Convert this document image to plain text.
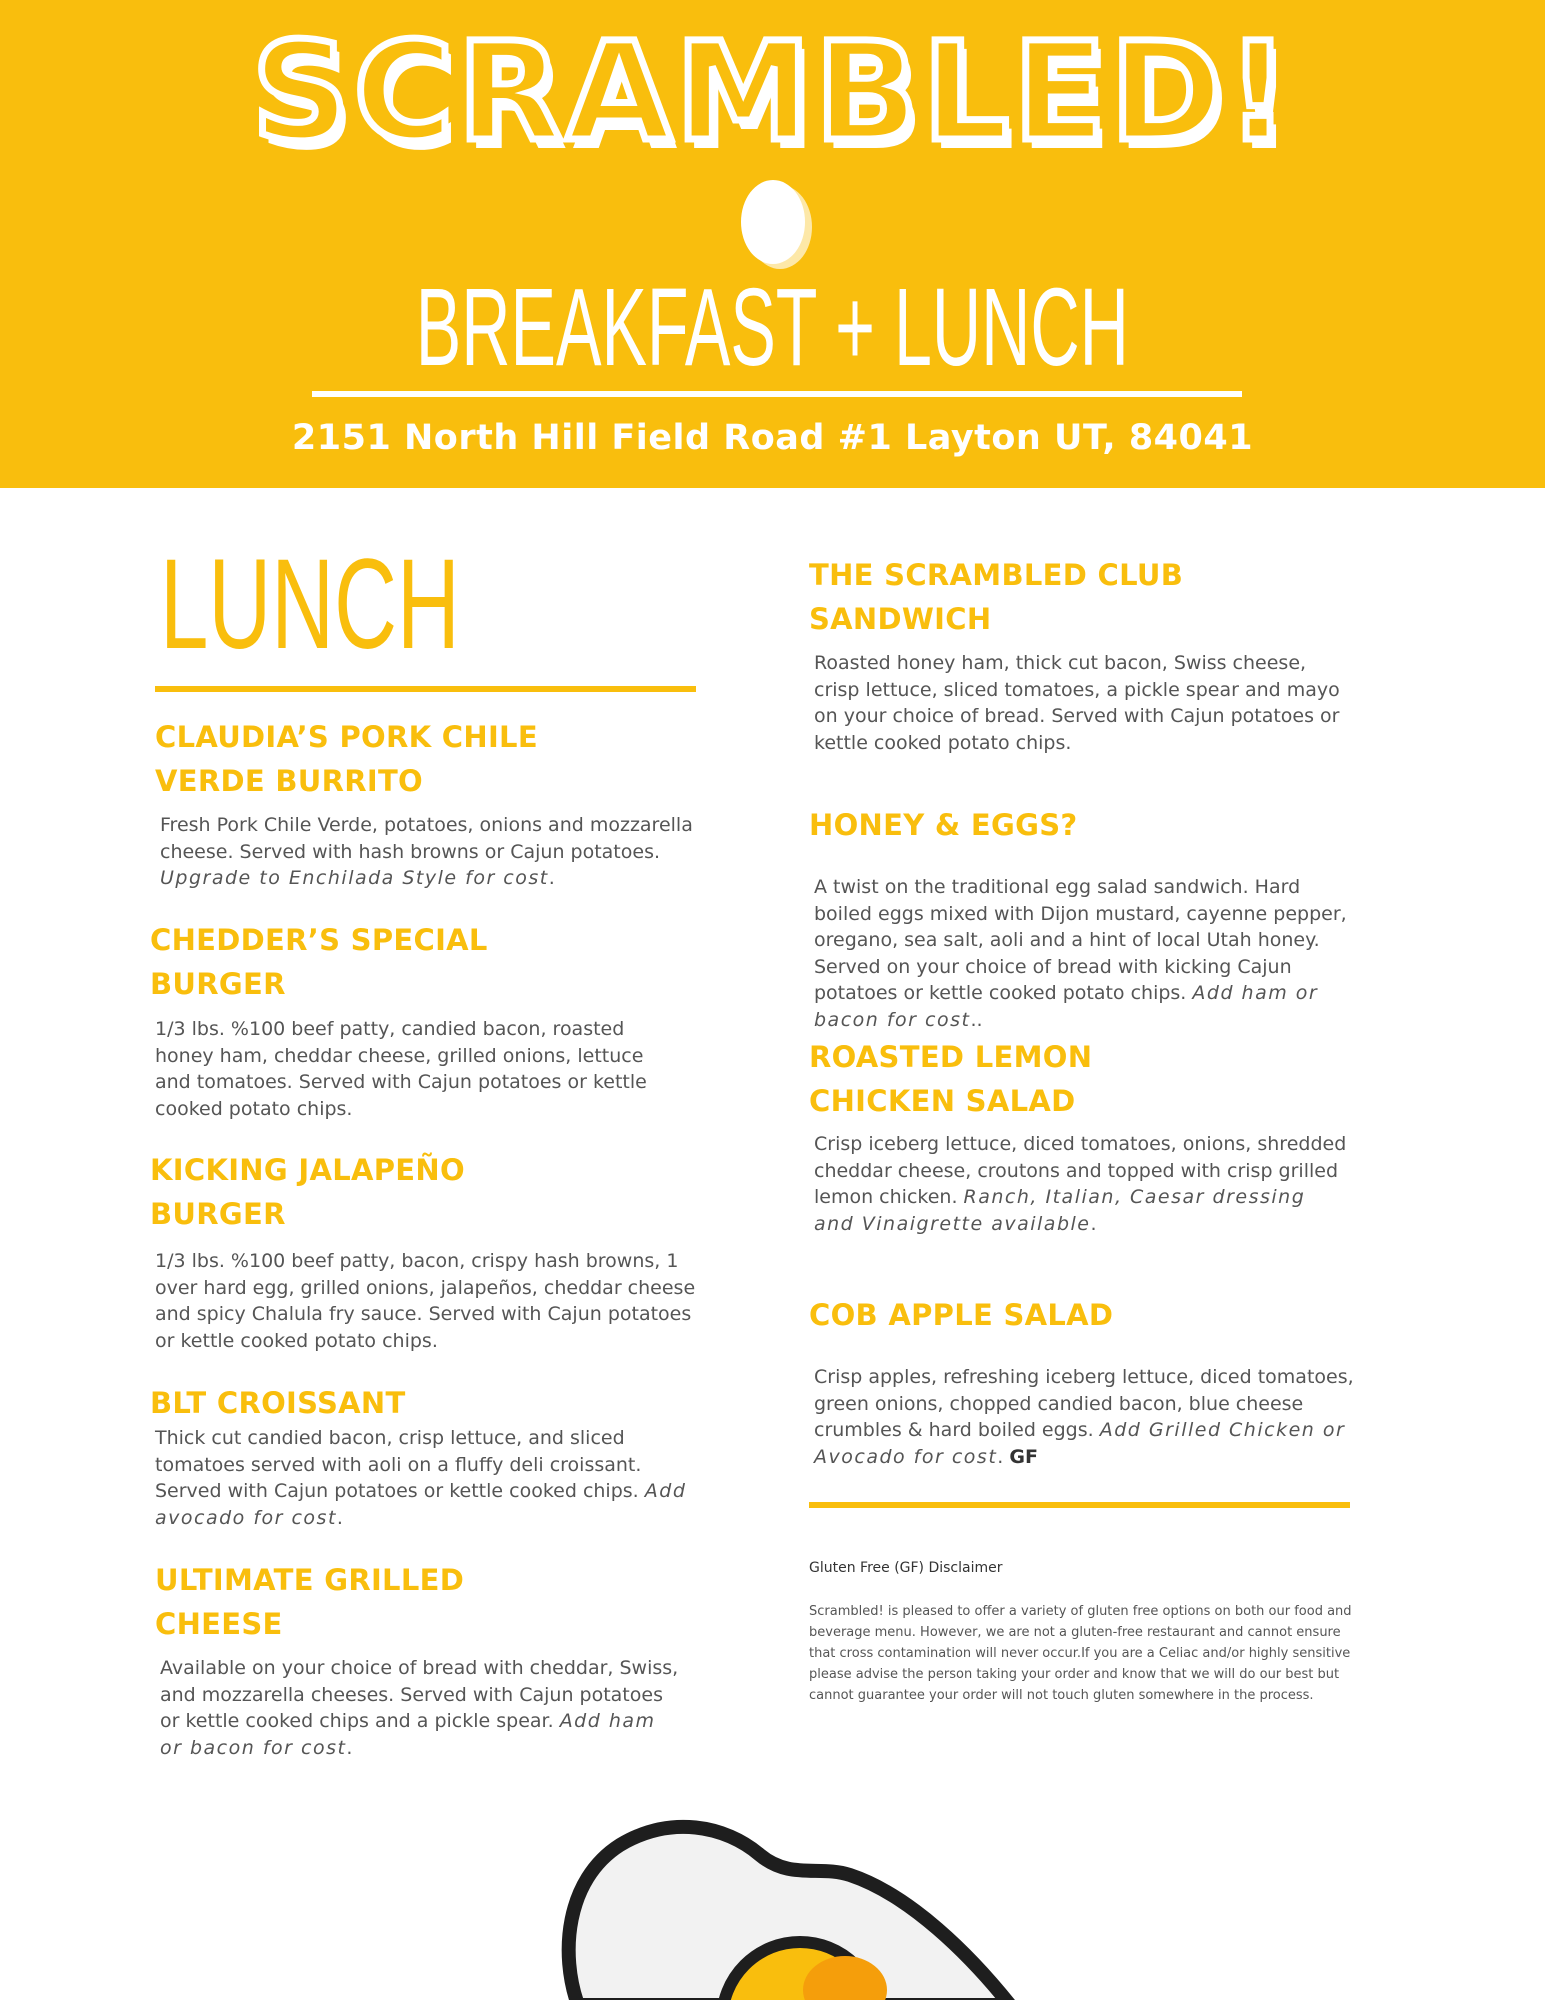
SCRAMBLED!
BREAKFAST + LUNCH
2151 North Hill Field Road #1 Layton UT, 84041
LUNCH
CLAUDIA’S PORK CHILE
VERDE BURRITO
Fresh Pork Chile Verde, potatoes, onions and mozzarella cheese. Served with hash browns or Cajun potatoes.
Upgrade to Enchilada Style for cost.
CHEDDER’S SPECIAL
BURGER
1/3 lbs. %100 beef patty, candied bacon, roasted honey ham, cheddar cheese, grilled onions, lettuce and tomatoes. Served with Cajun potatoes or kettle cooked potato chips.
KICKING JALAPEÑO
BURGER
1/3 lbs. %100 beef patty, bacon, crispy hash browns, 1 over hard egg, grilled onions, jalapeños, cheddar cheese and spicy Chalula fry sauce. Served with Cajun potatoes or kettle cooked potato chips.
BLT CROISSANT
Thick cut candied bacon, crisp lettuce, and sliced tomatoes served with aoli on a fluffy deli croissant. Served with Cajun potatoes or kettle cooked chips. Add avocado for cost.
ULTIMATE GRILLED
CHEESE
Available on your choice of bread with cheddar, Swiss, and mozzarella cheeses. Served with Cajun potatoes or kettle cooked chips and a pickle spear. Add ham or bacon for cost.
THE SCRAMBLED CLUB
SANDWICH
Roasted honey ham, thick cut bacon, Swiss cheese, crisp lettuce, sliced tomatoes, a pickle spear and mayo on your choice of bread. Served with Cajun potatoes or kettle cooked potato chips.
HONEY & EGGS?
A twist on the traditional egg salad sandwich. Hard boiled eggs mixed with Dijon mustard, cayenne pepper, oregano, sea salt, aoli and a hint of local Utah honey. Served on your choice of bread with kicking Cajun potatoes or kettle cooked potato chips. Add ham or bacon for cost..
ROASTED LEMON
CHICKEN SALAD
Crisp iceberg lettuce, diced tomatoes, onions, shredded cheddar cheese, croutons and topped with crisp grilled lemon chicken. Ranch, Italian, Caesar dressing and Vinaigrette available.
COB APPLE SALAD
Crisp apples, refreshing iceberg lettuce, diced tomatoes, green onions, chopped candied bacon, blue cheese crumbles & hard boiled eggs. Add Grilled Chicken or Avocado for cost. GF
Gluten Free (GF) Disclaimer
Scrambled! is pleased to offer a variety of gluten free options on both our food and beverage menu. However, we are not a gluten-free restaurant and cannot ensure that cross contamination will never occur.If you are a Celiac and/or highly sensitive please advise the person taking your order and know that we will do our best but cannot guarantee your order will not touch gluten somewhere in the process.
